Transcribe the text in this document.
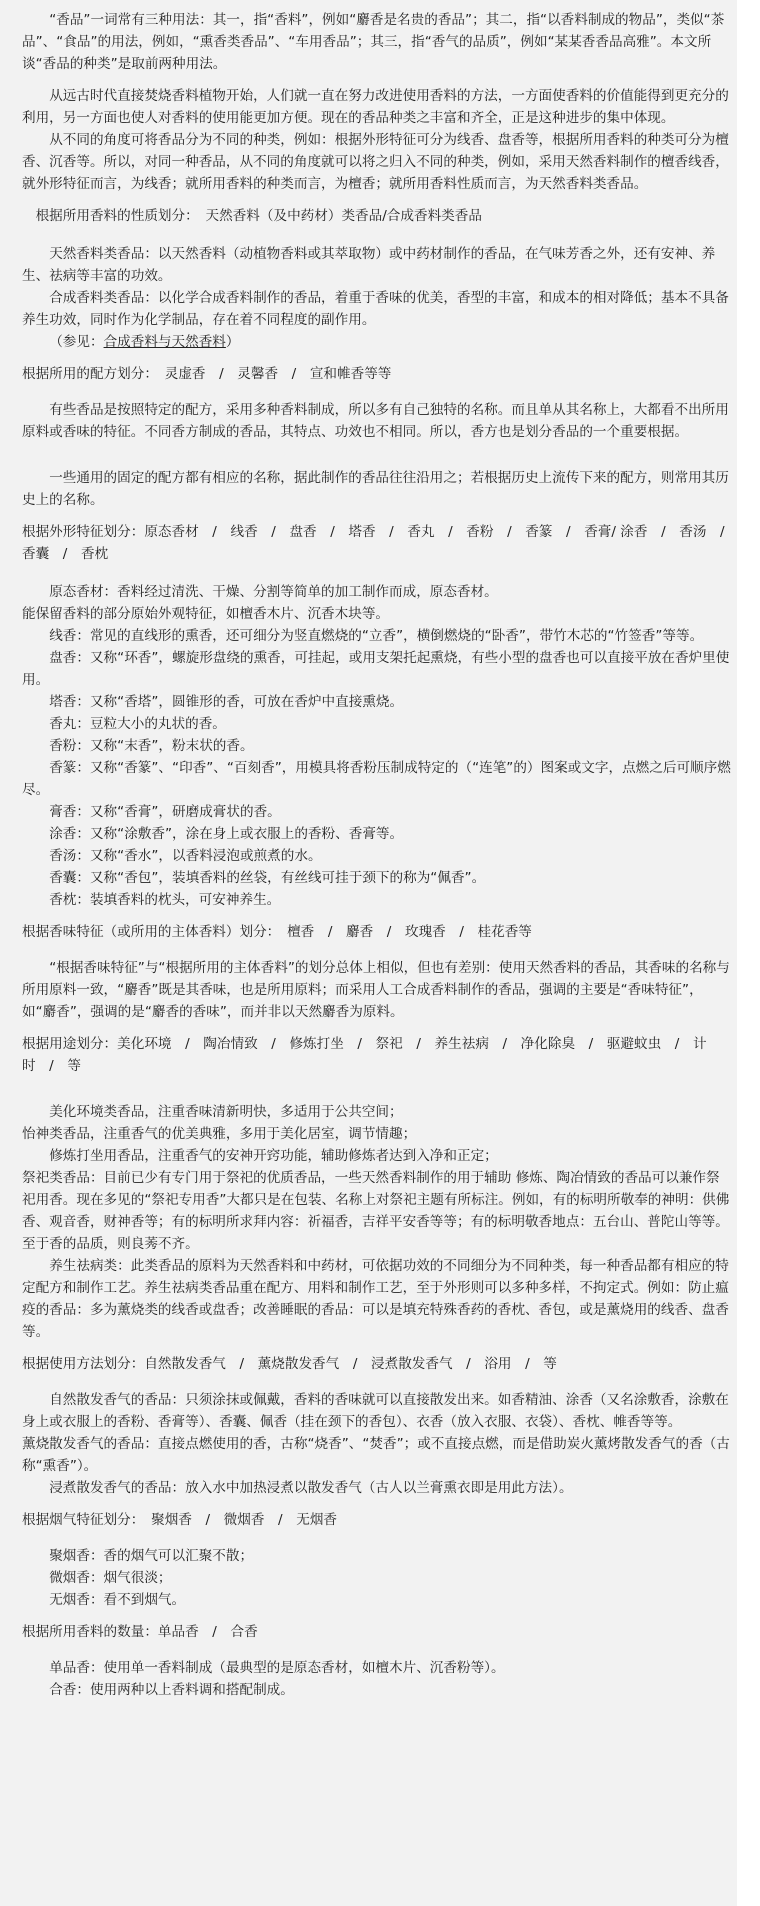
“香品”一词常有三种用法：其一，指“香料”，例如“麝香是名贵的香品”；其二，指“以香料制成的物品”，类似“茶品”、“食品”的用法，例如，“熏香类香品”、“车用香品”；其三，指“香气的品质”，例如“某某香香品高雅”。本文所谈“香品的种类”是取前两种用法。

从远古时代直接焚烧香料植物开始，人们就一直在努力改进使用香料的方法，一方面使香料的价值能得到更充分的利用，另一方面也使人对香料的使用能更加方便。现在的香品种类之丰富和齐全，正是这种进步的集中体现。

从不同的角度可将香品分为不同的种类，例如：根据外形特征可分为线香、盘香等，根据所用香料的种类可分为檀香、沉香等。所以，对同一种香品，从不同的角度就可以将之归入不同的种类，例如，采用天然香料制作的檀香线香，就外形特征而言，为线香；就所用香料的种类而言，为檀香；就所用香料性质而言，为天然香料类香品。

根据所用香料的性质划分：　天然香料（及中药材）类香品/合成香料类香品

天然香料类香品：以天然香料（动植物香料或其萃取物）或中药材制作的香品，在气味芳香之外，还有安神、养生、祛病等丰富的功效。

合成香料类香品：以化学合成香料制作的香品，着重于香味的优美，香型的丰富，和成本的相对降低；基本不具备养生功效，同时作为化学制品，存在着不同程度的副作用。

（参见：合成香料与天然香料）

根据所用的配方划分：　灵虚香　/　灵馨香　/　宣和帷香等等

有些香品是按照特定的配方，采用多种香料制成，所以多有自己独特的名称。而且单从其名称上，大都看不出所用原料或香味的特征。不同香方制成的香品，其特点、功效也不相同。所以，香方也是划分香品的一个重要根据。

一些通用的固定的配方都有相应的名称，据此制作的香品往往沿用之；若根据历史上流传下来的配方，则常用其历史上的名称。

根据外形特征划分：原态香材　/　线香　/　盘香　/　塔香　/　香丸　/　香粉　/　香篆　/　香膏/ 涂香　/　香汤　/　香囊　/　香枕

原态香材：香料经过清洗、干燥、分割等简单的加工制作而成，原态香材。

能保留香料的部分原始外观特征，如檀香木片、沉香木块等。

线香：常见的直线形的熏香，还可细分为竖直燃烧的“立香”，横倒燃烧的“卧香”，带竹木芯的“竹签香”等等。

盘香：又称“环香”，螺旋形盘绕的熏香，可挂起，或用支架托起熏烧，有些小型的盘香也可以直接平放在香炉里使用。

塔香：又称“香塔”，圆锥形的香，可放在香炉中直接熏烧。

香丸：豆粒大小的丸状的香。

香粉：又称“末香”，粉末状的香。

香篆：又称“香篆”、“印香”、“百刻香”，用模具将香粉压制成特定的（“连笔”的）图案或文字，点燃之后可顺序燃尽。

膏香：又称“香膏”，研磨成膏状的香。

涂香：又称“涂敷香”，涂在身上或衣服上的香粉、香膏等。

香汤：又称“香水”，以香料浸泡或煎煮的水。

香囊：又称“香包”，装填香料的丝袋，有丝线可挂于颈下的称为“佩香”。

香枕：装填香料的枕头，可安神养生。

根据香味特征（或所用的主体香料）划分：　檀香　/　麝香　/　玫瑰香　/　桂花香等

“根据香味特征”与“根据所用的主体香料”的划分总体上相似，但也有差别：使用天然香料的香品，其香味的名称与所用原料一致，“麝香”既是其香味，也是所用原料；而采用人工合成香料制作的香品，强调的主要是“香味特征”，如“麝香”，强调的是“麝香的香味”，而并非以天然麝香为原料。

根据用途划分：美化环境　/　陶冶情致　/　修炼打坐　/　祭祀　/　养生祛病　/　净化除臭　/　驱避蚊虫　/　计时　/　等

美化环境类香品，注重香味清新明快，多适用于公共空间；

怡神类香品，注重香气的优美典雅，多用于美化居室，调节情趣；

修炼打坐用香品，注重香气的安神开窍功能，辅助修炼者达到入净和正定；

祭祀类香品：目前已少有专门用于祭祀的优质香品，一些天然香料制作的用于辅助 修炼、陶冶情致的香品可以兼作祭祀用香。现在多见的“祭祀专用香”大都只是在包装、名称上对祭祀主题有所标注。例如，有的标明所敬奉的神明：供佛香、观音香，财神香等；有的标明所求拜内容：祈福香，吉祥平安香等等；有的标明敬香地点：五台山、普陀山等等。至于香的品质，则良莠不齐。

养生祛病类：此类香品的原料为天然香料和中药材，可依据功效的不同细分为不同种类，每一种香品都有相应的特定配方和制作工艺。养生祛病类香品重在配方、用料和制作工艺，至于外形则可以多种多样，不拘定式。例如：防止瘟疫的香品：多为薰烧类的线香或盘香；改善睡眠的香品：可以是填充特殊香药的香枕、香包，或是薰烧用的线香、盘香等。

根据使用方法划分：自然散发香气　/　薰烧散发香气　/　浸煮散发香气　/　浴用　/　等

自然散发香气的香品：只须涂抹或佩戴，香料的香味就可以直接散发出来。如香精油、涂香（又名涂敷香，涂敷在身上或衣服上的香粉、香膏等）、香囊、佩香（挂在颈下的香包）、衣香（放入衣服、衣袋）、香枕、帷香等等。

薰烧散发香气的香品：直接点燃使用的香，古称“烧香”、“焚香”；或不直接点燃，而是借助炭火薰烤散发香气的香（古称“熏香”）。

浸煮散发香气的香品：放入水中加热浸煮以散发香气（古人以兰膏熏衣即是用此方法）。

根据烟气特征划分：　聚烟香　/　微烟香　/　无烟香

聚烟香：香的烟气可以汇聚不散；

微烟香：烟气很淡；

无烟香：看不到烟气。

根据所用香料的数量：单品香　/　合香

单品香：使用单一香料制成（最典型的是原态香材，如檀木片、沉香粉等）。

合香：使用两种以上香料调和搭配制成。
